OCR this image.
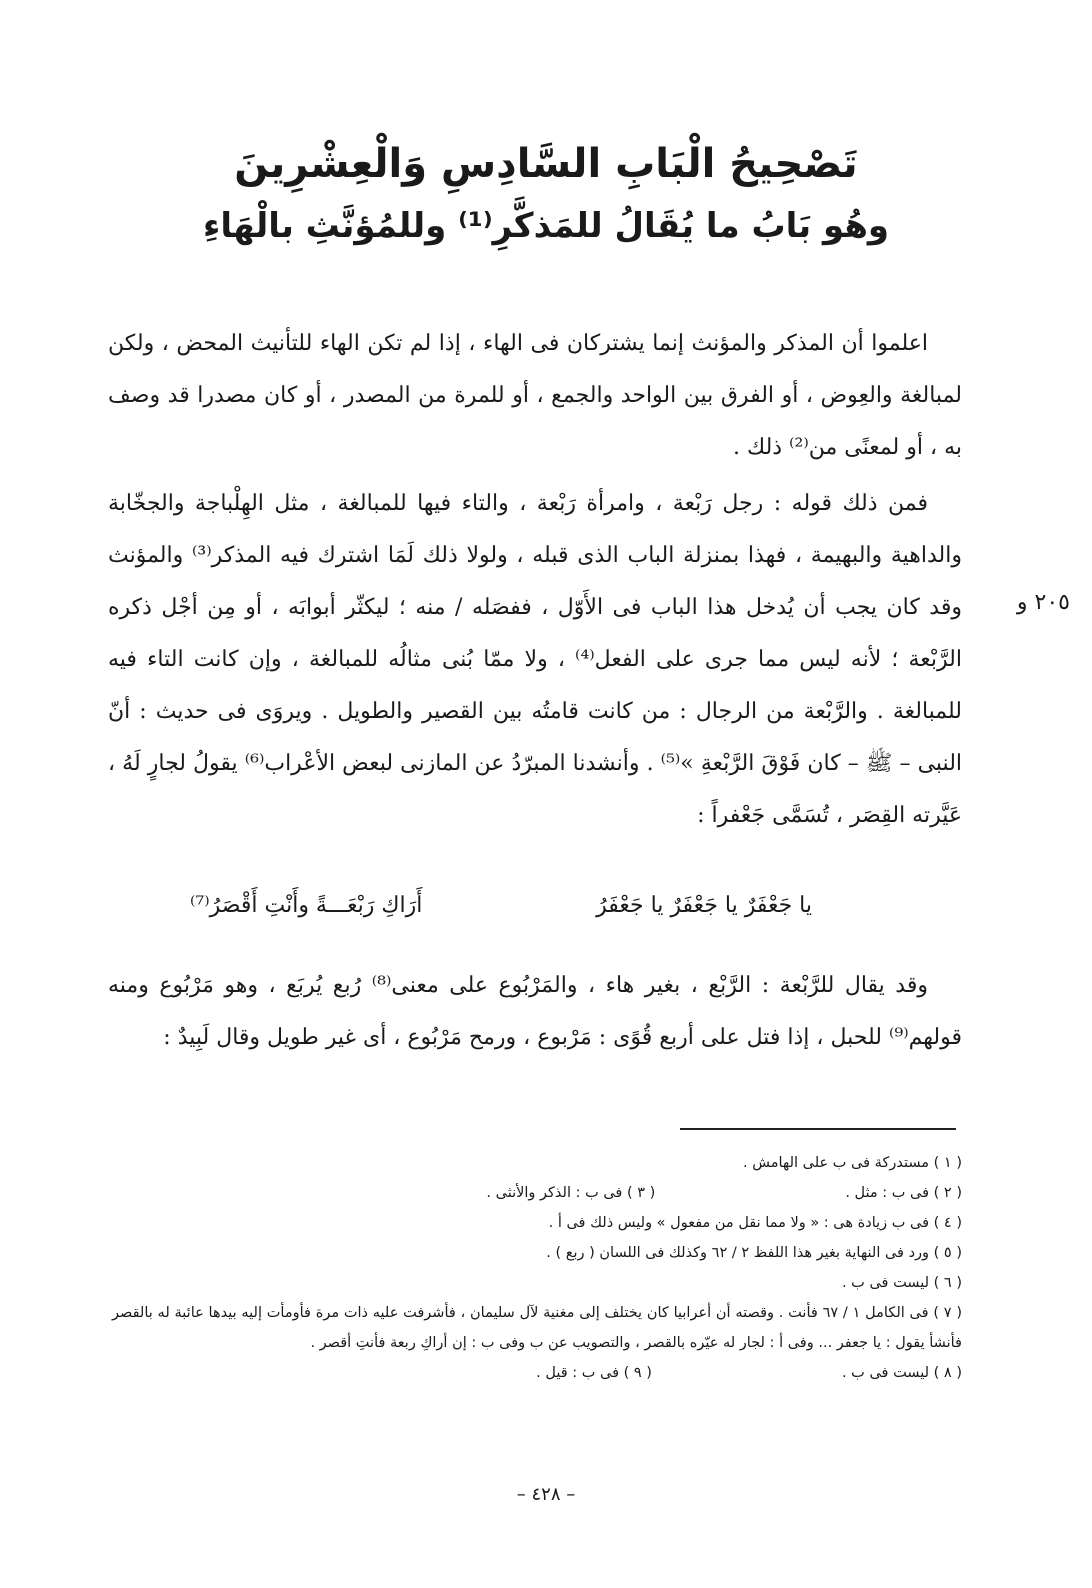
تَصْحِيحُ الْبَابِ السَّادِسِ وَالْعِشْرِينَ
وهُو بَابُ ما يُقَالُ للمَذكَّرِ⁽¹⁾ وللمُؤنَّثِ بالْهَاءِ

اعلموا أن المذكر والمؤنث إنما يشتركان فى الهاء ، إذا لم تكن الهاء للتأنيث المحض ، ولكن لمبالغة والعِوض ، أو الفرق بين الواحد والجمع ، أو للمرة من المصدر ، أو كان مصدرا قد وصف به ، أو لمعنًى من⁽²⁾ ذلك .

فمن ذلك قوله : رجل رَبْعة ، وامرأة رَبْعة ، والتاء فيها للمبالغة ، مثل الهِلْباجة والجخّابة والداهية والبهيمة ، فهذا بمنزلة الباب الذى قبله ، ولولا ذلك لَمَا اشترك فيه المذكر⁽³⁾ والمؤنث وقد كان يجب أن يُدخل هذا الباب فى الأَوّل ، ففصَله / منه ؛ ليكثّر أبوابَه ، أو مِن أجْل ذكره الرَّبْعة ؛ لأنه ليس مما جرى على الفعل⁽⁴⁾ ، ولا ممّا بُنى مثالُه للمبالغة ، وإن كانت التاء فيه للمبالغة . والرَّبْعة من الرجال : من كانت قامتُه بين القصير والطويل . ويروَى فى حديث : أنّ النبى – ﷺ – كان فَوْقَ الرَّبْعةِ »⁽⁵⁾ . وأنشدنا المبرّدُ عن المازنى لبعض الأعْراب⁽⁶⁾ يقولُ لجارٍ لَهُ ، عَيَّرته القِصَر ، تُسَمَّى جَعْفراً :

٢٠٥ و
يا جَعْفَرٌ يا جَعْفَرٌ يا جَعْفَرُ
أَرَاكِ رَبْعَـــةً وأَنْتِ أَقْصَرُ⁽⁷⁾

وقد يقال للرَّبْعة : الرَّبْع ، بغير هاء ، والمَرْبُوع على معنى⁽⁸⁾ رُبع يُربَع ، وهو مَرْبُوع ومنه قولهم⁽⁹⁾ للحبل ، إذا فتل على أربع قُوًى : مَرْبوع ، ورمح مَرْبُوع ، أى غير طويل وقال لَبِيدٌ :

( ١ ) مستدركة فى ب على الهامش .
( ٢ ) فى ب : مثل .
( ٣ ) فى ب : الذكر والأنثى .
( ٤ ) فى ب زيادة هى : « ولا مما نقل من مفعول » وليس ذلك فى أ .
( ٥ ) ورد فى النهاية بغير هذا اللفظ ٢ / ٦٢ وكذلك فى اللسان ( ربع ) .
( ٦ ) ليست فى ب .

( ٧ ) فى الكامل ١ / ٦٧ فأنت . وقصته أن أعرابيا كان يختلف إلى مغنية لآل سليمان ، فأشرفت عليه ذات مرة فأومأت إليه بيدها عائبة له بالقصر فأنشأ يقول : يا جعفر ... وفى أ : لجار له عيّره بالقصر ، والتصويب عن ب وفى ب : إن أراكِ ربعة فأنتِ أقصر .

( ٨ ) ليست فى ب .
( ٩ ) فى ب : قيل .
– ٤٢٨ –
